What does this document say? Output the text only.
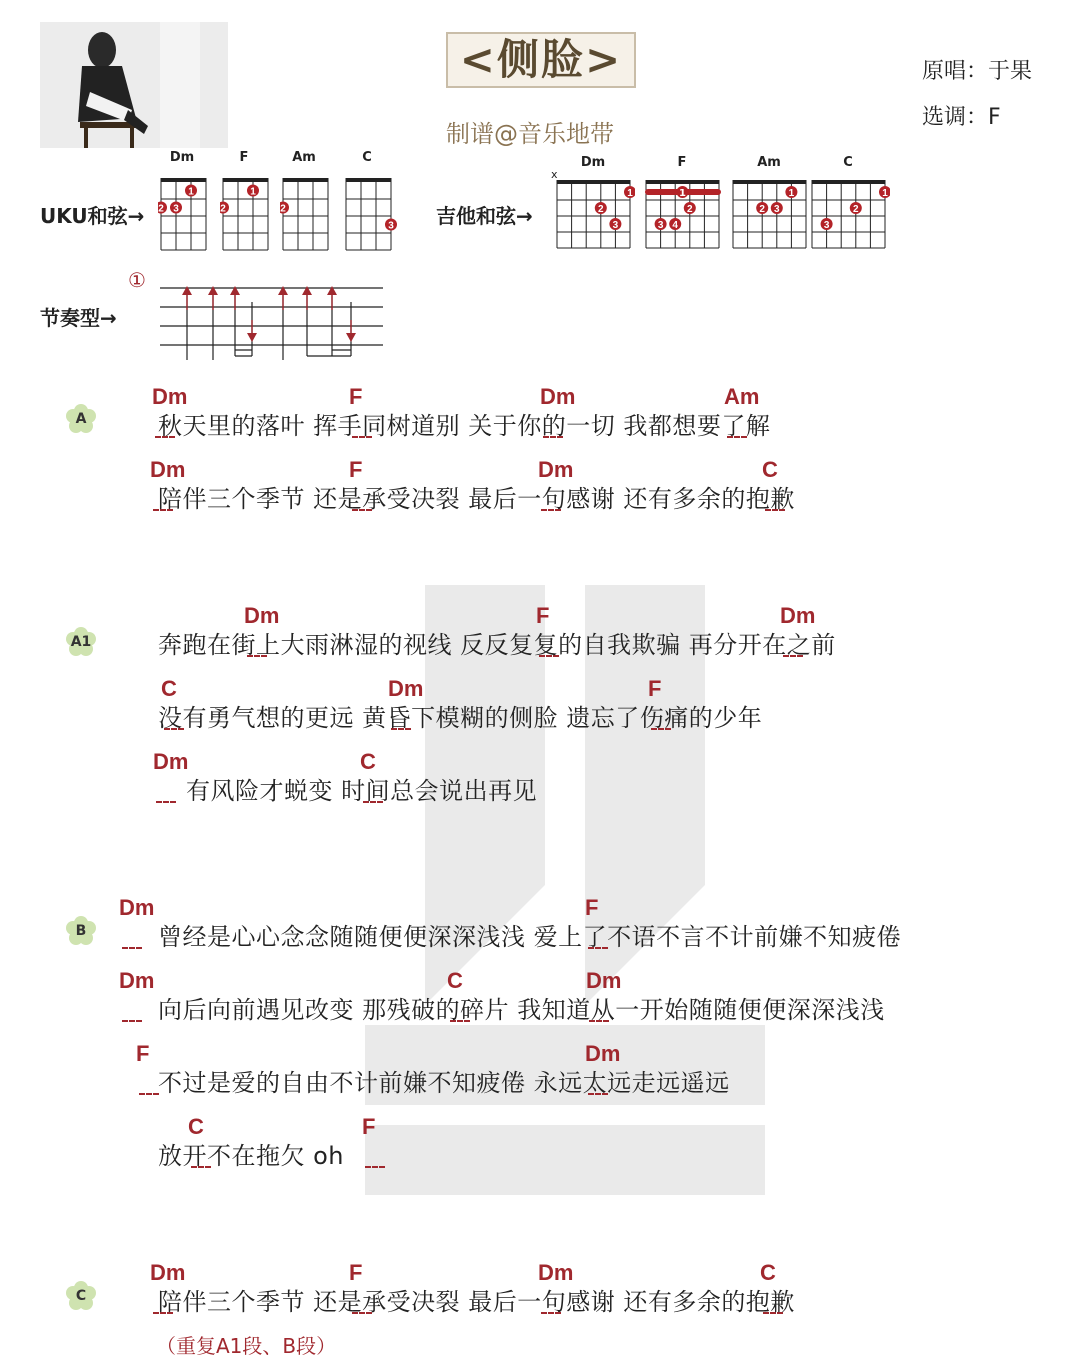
<侧脸>
制谱@音乐地带
原唱：于果
选调：F
UKU和弦→
Dm
1
2 3
F
1
2
Am
2
C
3 吉他和弦→
Dm
1
2
3
F
1
2
3 4
Am
1
2 3
C
1
2
3
x
节奏型→
①
A
Dm	F	Dm	Am
秋天里的落叶 挥手同树道别 关于你的一切 我都想要了解
Dm	F	Dm	C
陪伴三个季节 还是承受决裂 最后一句感谢 还有多余的抱歉
A1
Dm	F	Dm
奔跑在街上大雨淋湿的视线 反反复复的自我欺骗 再分开在之前
C	Dm	F
没有勇气想的更远 黄昏下模糊的侧脸 遗忘了伤痛的少年
Dm	C
有风险才蜕变 时间总会说出再见
B
Dm	F
曾经是心心念念随随便便深深浅浅 爱上了不语不言不计前嫌不知疲倦
Dm	C	Dm
向后向前遇见改变 那残破的碎片 我知道从一开始随随便便深深浅浅
F	Dm
不过是爱的自由不计前嫌不知疲倦 永远太远走远遥远
C	F
放开不在拖欠 oh
C
Dm	F	Dm	C
陪伴三个季节 还是承受决裂 最后一句感谢 还有多余的抱歉
（重复A1段、B段）
